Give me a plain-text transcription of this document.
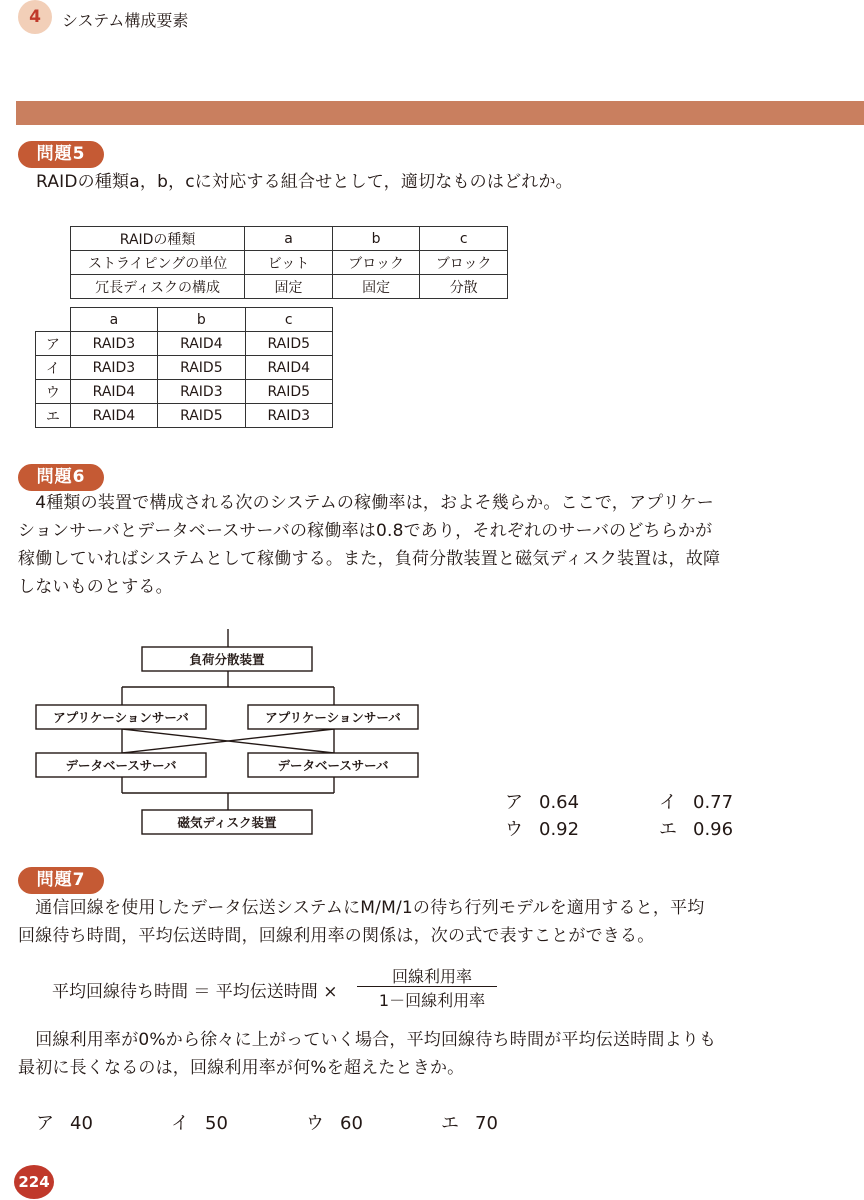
4	システム構成要素
問題5
RAIDの種類a，b，cに対応する組合せとして，適切なものはどれか。
RAIDの種類	a	b	c
ストライピングの単位	ビット	ブロック	ブロック
冗長ディスクの構成	固定	固定	分散
	a	b	c
ア	RAID3	RAID4	RAID5
イ	RAID3	RAID5	RAID4
ウ	RAID4	RAID3	RAID5
エ	RAID4	RAID5	RAID3
問題6
　4種類の装置で構成される次のシステムの稼働率は，およそ幾らか。ここで，アプリケー
ションサーバとデータベースサーバの稼働率は0.8であり，それぞれのサーバのどちらかが
稼働していればシステムとして稼働する。また，負荷分散装置と磁気ディスク装置は，故障
しないものとする。
負荷分散装置
アプリケーションサーバ	アプリケーションサーバ
データベースサーバ	データベースサーバ
磁気ディスク装置
ア 0.64	イ 0.77
ウ 0.92	エ 0.96
問題7
　通信回線を使用したデータ伝送システムにM/M/1の待ち行列モデルを適用すると，平均
回線待ち時間，平均伝送時間，回線利用率の関係は，次の式で表すことができる。
平均回線待ち時間 ＝ 平均伝送時間 ×
回線利用率
1－回線利用率
　回線利用率が0%から徐々に上がっていく場合，平均回線待ち時間が平均伝送時間よりも
最初に長くなるのは，回線利用率が何%を超えたときか。
ア 40	イ 50	ウ 60	エ 70
224
